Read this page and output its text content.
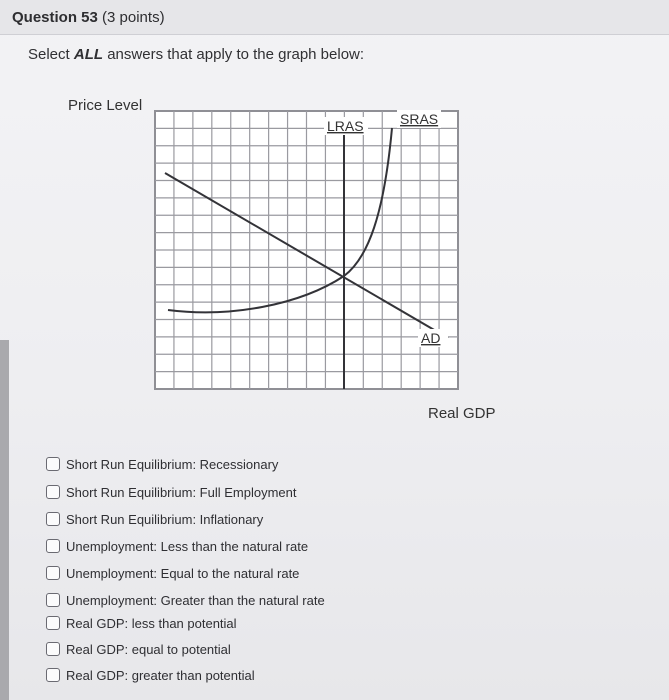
Question 53 (3 points)
Select ALL answers that apply to the graph below:
Price Level
Real GDP
LRAS	SRAS
AD
Short Run Equilibrium: Recessionary
Short Run Equilibrium: Full Employment
Short Run Equilibrium: Inflationary
Unemployment: Less than the natural rate
Unemployment: Equal to the natural rate
Unemployment: Greater than the natural rate
Real GDP: less than potential
Real GDP: equal to potential
Real GDP: greater than potential
